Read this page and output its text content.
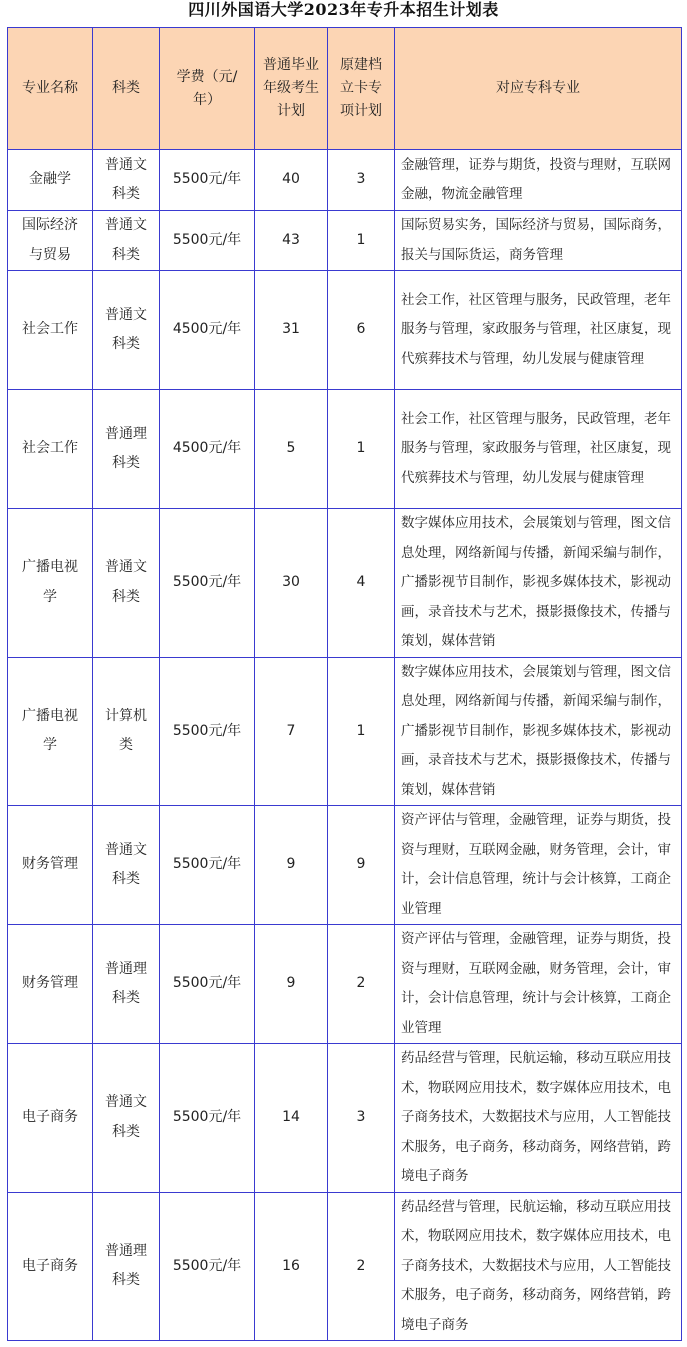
四川外国语大学2023年专升本招生计划表
专业名称	科类	学费（元/年）	普通毕业年级考生计划	原建档立卡专项计划	对应专科专业
金融学	普通文科类	5500元/年	40	3	金融管理，证券与期货，投资与理财，互联网金融，物流金融管理
国际经济与贸易	普通文科类	5500元/年	43	1	国际贸易实务，国际经济与贸易，国际商务，报关与国际货运，商务管理
社会工作	普通文科类	4500元/年	31	6	社会工作，社区管理与服务，民政管理，老年服务与管理，家政服务与管理，社区康复，现代殡葬技术与管理，幼儿发展与健康管理
社会工作	普通理科类	4500元/年	5	1	社会工作，社区管理与服务，民政管理，老年服务与管理，家政服务与管理，社区康复，现代殡葬技术与管理，幼儿发展与健康管理
广播电视学	普通文科类	5500元/年	30	4	数字媒体应用技术，会展策划与管理，图文信息处理，网络新闻与传播，新闻采编与制作，广播影视节目制作，影视多媒体技术，影视动画，录音技术与艺术，摄影摄像技术，传播与策划，媒体营销
广播电视学	计算机类	5500元/年	7	1	数字媒体应用技术，会展策划与管理，图文信息处理，网络新闻与传播，新闻采编与制作，广播影视节目制作，影视多媒体技术，影视动画，录音技术与艺术，摄影摄像技术，传播与策划，媒体营销
财务管理	普通文科类	5500元/年	9	9	资产评估与管理，金融管理，证券与期货，投资与理财，互联网金融，财务管理，会计，审计，会计信息管理，统计与会计核算，工商企业管理
财务管理	普通理科类	5500元/年	9	2	资产评估与管理，金融管理，证券与期货，投资与理财，互联网金融，财务管理，会计，审计，会计信息管理，统计与会计核算，工商企业管理
电子商务	普通文科类	5500元/年	14	3	药品经营与管理，民航运输，移动互联应用技术，物联网应用技术，数字媒体应用技术，电子商务技术，大数据技术与应用，人工智能技术服务，电子商务，移动商务，网络营销，跨境电子商务
电子商务	普通理科类	5500元/年	16	2	药品经营与管理，民航运输，移动互联应用技术，物联网应用技术，数字媒体应用技术，电子商务技术，大数据技术与应用，人工智能技术服务，电子商务，移动商务，网络营销，跨境电子商务
